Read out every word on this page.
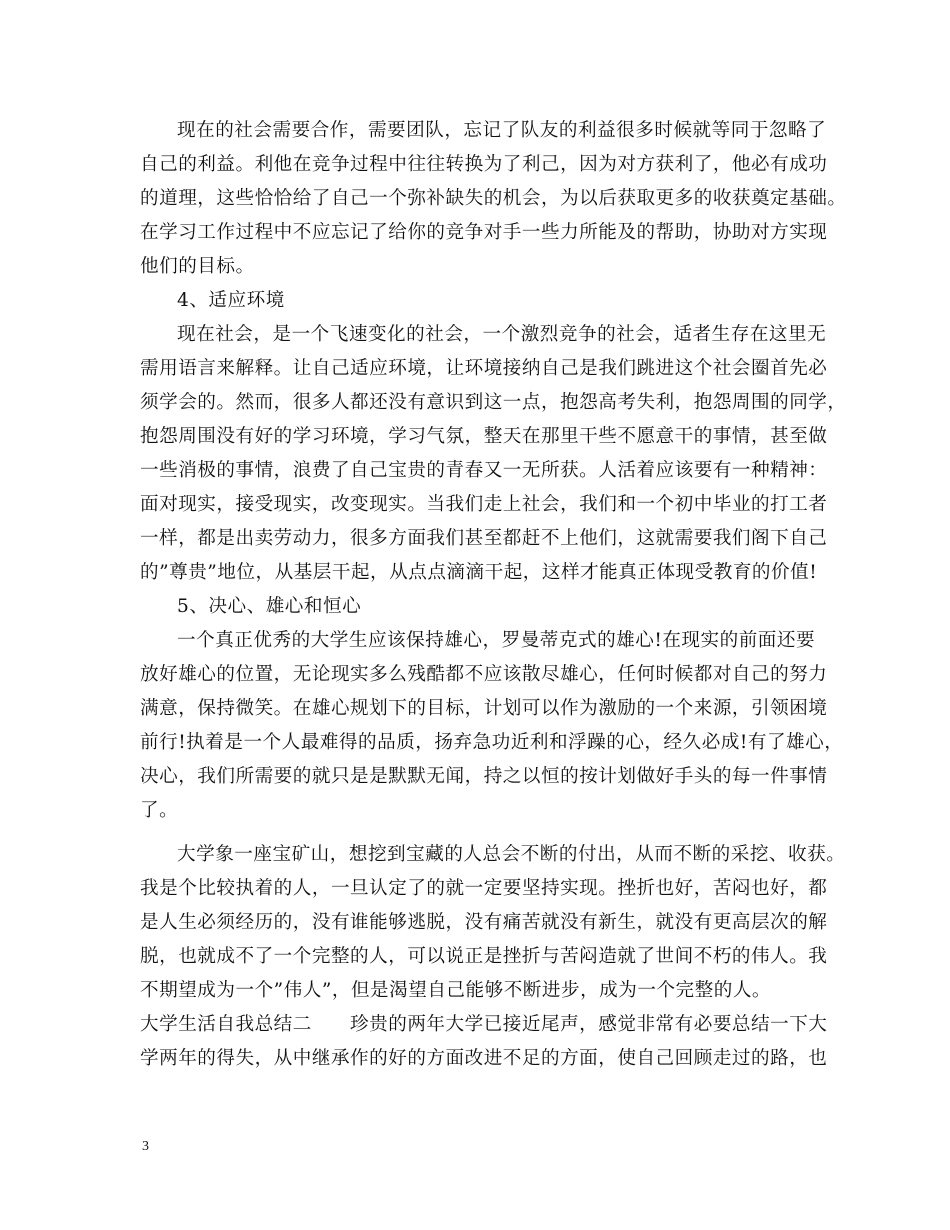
现在的社会需要合作，需要团队，忘记了队友的利益很多时候就等同于忽略了
自己的利益。利他在竞争过程中往往转换为了利己，因为对方获利了，他必有成功
的道理，这些恰恰给了自己一个弥补缺失的机会，为以后获取更多的收获奠定基础。
在学习工作过程中不应忘记了给你的竞争对手一些力所能及的帮助，协助对方实现
他们的目标。
4、适应环境
现在社会，是一个飞速变化的社会，一个激烈竞争的社会，适者生存在这里无
需用语言来解释。让自己适应环境，让环境接纳自己是我们跳进这个社会圈首先必
须学会的。然而，很多人都还没有意识到这一点，抱怨高考失利，抱怨周围的同学，
抱怨周围没有好的学习环境，学习气氛，整天在那里干些不愿意干的事情，甚至做
一些消极的事情，浪费了自己宝贵的青春又一无所获。人活着应该要有一种精神：
面对现实，接受现实，改变现实。当我们走上社会，我们和一个初中毕业的打工者
一样，都是出卖劳动力，很多方面我们甚至都赶不上他们，这就需要我们阁下自己
的”尊贵”地位，从基层干起，从点点滴滴干起，这样才能真正体现受教育的价值!
5、决心、雄心和恒心
一个真正优秀的大学生应该保持雄心，罗曼蒂克式的雄心!在现实的前面还要
放好雄心的位置，无论现实多么残酷都不应该散尽雄心，任何时候都对自己的努力
满意，保持微笑。在雄心规划下的目标，计划可以作为激励的一个来源，引领困境
前行!执着是一个人最难得的品质，扬弃急功近利和浮躁的心，经久必成!有了雄心，
决心，我们所需要的就只是是默默无闻，持之以恒的按计划做好手头的每一件事情
了。
大学象一座宝矿山，想挖到宝藏的人总会不断的付出，从而不断的采挖、收获。
我是个比较执着的人，一旦认定了的就一定要坚持实现。挫折也好，苦闷也好，都
是人生必须经历的，没有谁能够逃脱，没有痛苦就没有新生，就没有更高层次的解
脱，也就成不了一个完整的人，可以说正是挫折与苦闷造就了世间不朽的伟人。我
不期望成为一个”伟人”，但是渴望自己能够不断进步，成为一个完整的人。
大学生活自我总结二　　珍贵的两年大学已接近尾声，感觉非常有必要总结一下大
学两年的得失，从中继承作的好的方面改进不足的方面，使自己回顾走过的路，也
3
